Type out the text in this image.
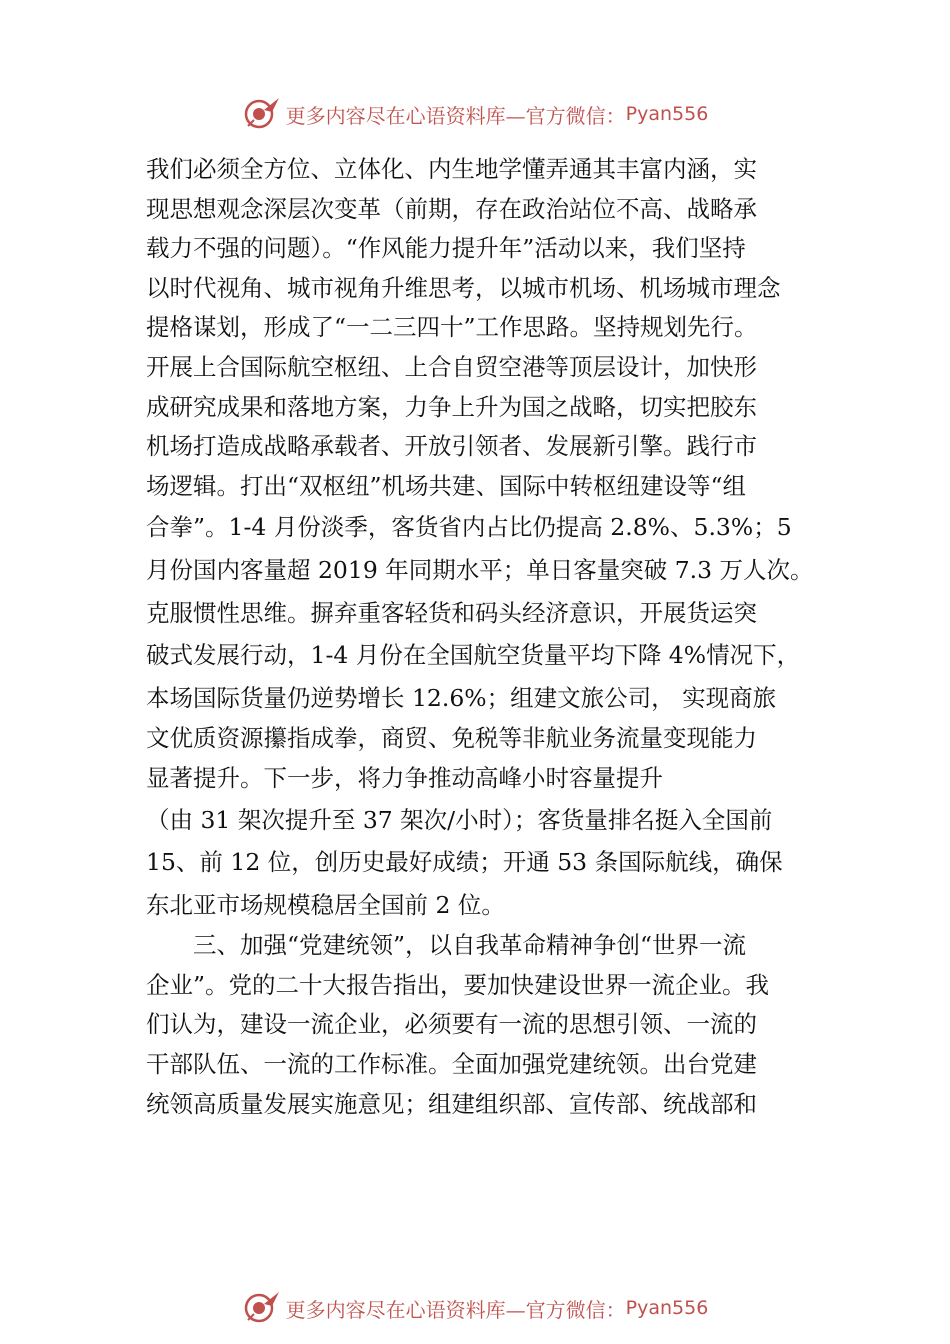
更多内容尽在心语资料库—官方微信： Pyan556
我们必须全方位、立体化、内生地学懂弄通其丰富内涵，实
现思想观念深层次变革（前期，存在政治站位不高、战略承
载力不强的问题）。“作风能力提升年”活动以来，我们坚持
以时代视角、城市视角升维思考，以城市机场、机场城市理念
提格谋划，形成了“一二三四十”工作思路。坚持规划先行。
开展上合国际航空枢纽、上合自贸空港等顶层设计，加快形
成研究成果和落地方案，力争上升为国之战略，切实把胶东
机场打造成战略承载者、开放引领者、发展新引擎。践行市
场逻辑。打出“双枢纽”机场共建、国际中转枢纽建设等“组
合拳”。1-4 月份淡季，客货省内占比仍提高 2.8%、5.3%；5
月份国内客量超 2019 年同期水平；单日客量突破 7.3 万人次。
克服惯性思维。摒弃重客轻货和码头经济意识，开展货运突
破式发展行动，1-4 月份在全国航空货量平均下降 4%情况下，
本场国际货量仍逆势增长 12.6%；组建文旅公司， 实现商旅
文优质资源攥指成拳，商贸、免税等非航业务流量变现能力
显著提升。下一步，将力争推动高峰小时容量提升
（由 31 架次提升至 37 架次/小时）；客货量排名挺入全国前
15、前 12 位，创历史最好成绩；开通 53 条国际航线，确保
东北亚市场规模稳居全国前 2 位。
三、加强“党建统领”，以自我革命精神争创“世界一流
企业”。党的二十大报告指出，要加快建设世界一流企业。我
们认为，建设一流企业，必须要有一流的思想引领、一流的
干部队伍、一流的工作标准。全面加强党建统领。出台党建
统领高质量发展实施意见；组建组织部、宣传部、统战部和
更多内容尽在心语资料库—官方微信： Pyan556
